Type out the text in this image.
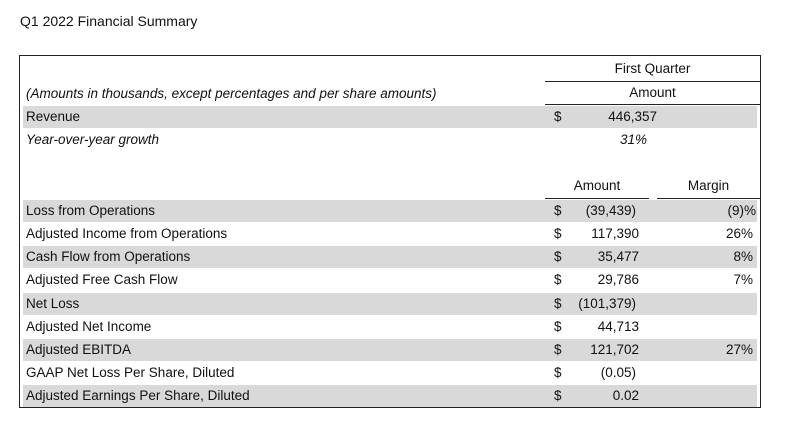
Q1 2022 Financial Summary
First Quarter
Amount
(Amounts in thousands, except percentages and per share amounts)
Revenue	$	446,357
Year-over-year growth	31%
Amount	Margin
Loss from Operations	$ (39,439)	(9)%
Adjusted Income from Operations	$ 117,390	26%
Cash Flow from Operations	$	35,477	8%
Adjusted Free Cash Flow	$	29,786	7%
Net Loss	$ (101,379)
Adjusted Net Income	$	44,713
Adjusted EBITDA	$ 121,702	27%
GAAP Net Loss Per Share, Diluted	$	(0.05)
Adjusted Earnings Per Share, Diluted	$	0.02
